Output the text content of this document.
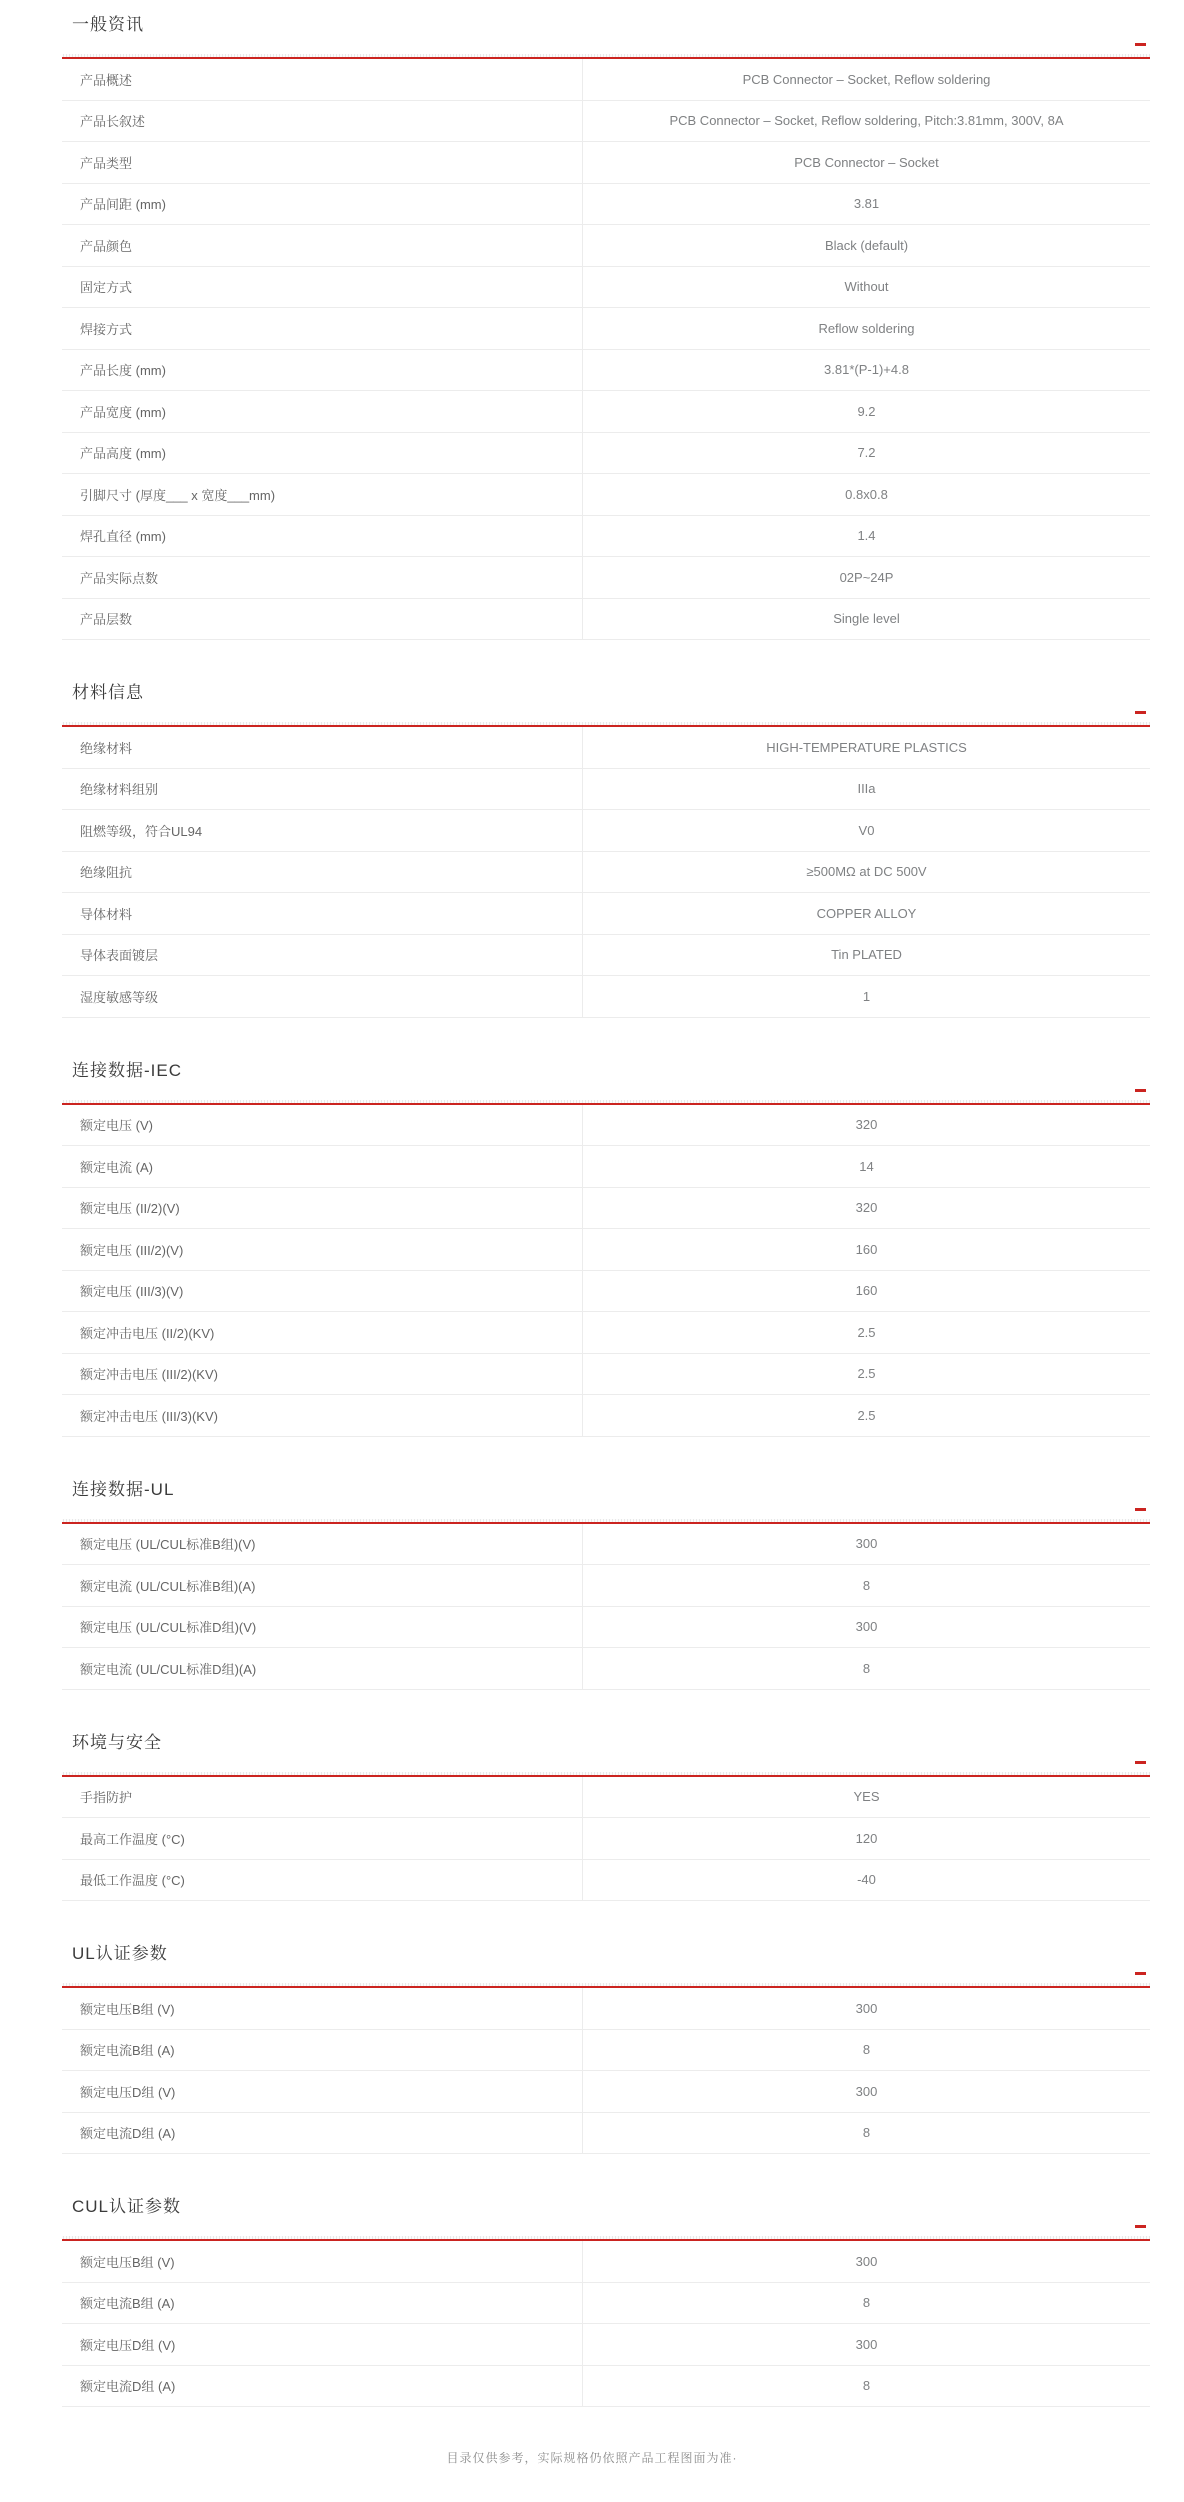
一般资讯
产品概述	PCB Connector – Socket, Reflow soldering
产品长叙述	PCB Connector – Socket, Reflow soldering, Pitch:3.81mm, 300V, 8A
产品类型	PCB Connector – Socket
产品间距 (mm)	3.81
产品颜色	Black (default)
固定方式	Without
焊接方式	Reflow soldering
产品长度 (mm)	3.81*(P-1)+4.8
产品宽度 (mm)	9.2
产品高度 (mm)	7.2
引脚尺寸 (厚度___ x 宽度___mm)	0.8x0.8
焊孔直径 (mm)	1.4
产品实际点数	02P~24P
产品层数	Single level
材料信息
绝缘材料	HIGH-TEMPERATURE PLASTICS
绝缘材料组别	IIIa
阻燃等级，符合UL94	V0
绝缘阻抗	≥500MΩ at DC 500V
导体材料	COPPER ALLOY
导体表面镀层	Tin PLATED
湿度敏感等级	1
连接数据-IEC
额定电压 (V)	320
额定电流 (A)	14
额定电压 (II/2)(V)	320
额定电压 (III/2)(V)	160
额定电压 (III/3)(V)	160
额定冲击电压 (II/2)(KV)	2.5
额定冲击电压 (III/2)(KV)	2.5
额定冲击电压 (III/3)(KV)	2.5
连接数据-UL
额定电压 (UL/CUL标准B组)(V)	300
额定电流 (UL/CUL标准B组)(A)	8
额定电压 (UL/CUL标准D组)(V)	300
额定电流 (UL/CUL标准D组)(A)	8
环境与安全
手指防护	YES
最高工作温度 (°C)	120
最低工作温度 (°C)	-40
UL认证参数
额定电压B组 (V)	300
额定电流B组 (A)	8
额定电压D组 (V)	300
额定电流D组 (A)	8
CUL认证参数
额定电压B组 (V)	300
额定电流B组 (A)	8
额定电压D组 (V)	300
额定电流D组 (A)	8
目录仅供参考，实际规格仍依照产品工程图面为准·
